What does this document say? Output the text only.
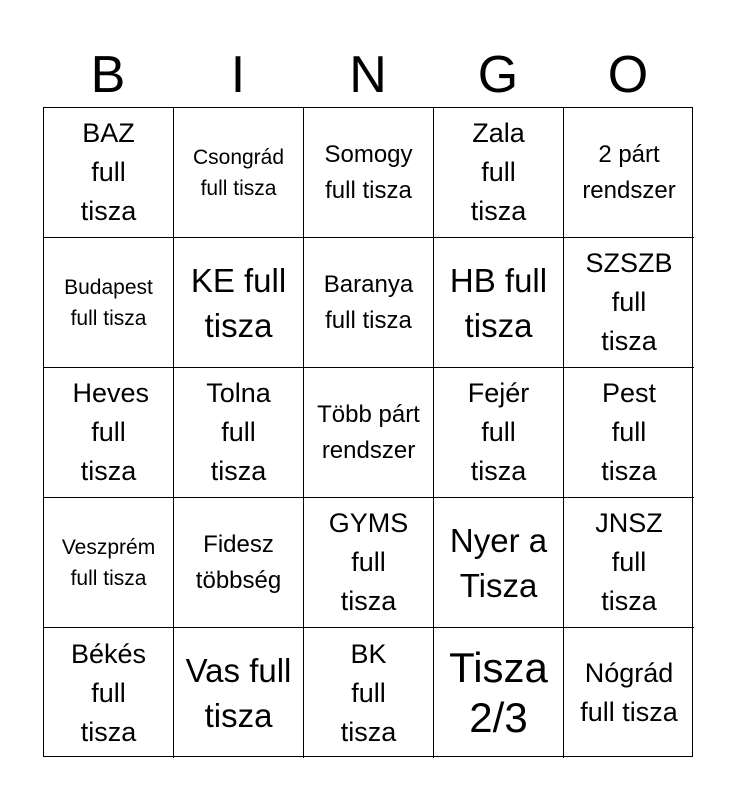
B	I	N	G	O
BAZ full tisza
Csongrád full tisza
Somogy full tisza
Zala full tisza
2 párt rendszer
Budapest full tisza
KE full tisza
Baranya full tisza
HB full tisza
SZSZB full tisza
Heves full tisza
Tolna full tisza
Több párt rendszer
Fejér full tisza
Pest full tisza
Veszprém full tisza
Fidesz többség
GYMS full tisza
Nyer a Tisza
JNSZ full tisza
Békés full tisza
Vas full tisza
BK full tisza
Tisza 2/3
Nógrád full tisza
